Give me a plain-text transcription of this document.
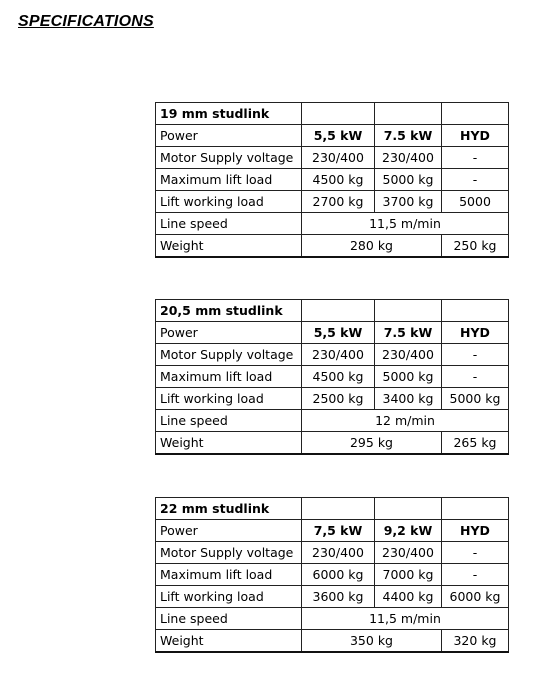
SPECIFICATIONS
19 mm studlink			
Power	5,5 kW	7.5 kW	HYD
Motor Supply voltage	230/400	230/400	-
Maximum lift load	4500 kg	5000 kg	-
Lift working load	2700 kg	3700 kg	5000
Line speed	11,5 m/min		
Weight	280 kg		250 kg
20,5 mm studlink			
Power	5,5 kW	7.5 kW	HYD
Motor Supply voltage	230/400	230/400	-
Maximum lift load	4500 kg	5000 kg	-
Lift working load	2500 kg	3400 kg	5000 kg
Line speed	12 m/min		
Weight	295 kg		265 kg
22 mm studlink			
Power	7,5 kW	9,2 kW	HYD
Motor Supply voltage	230/400	230/400	-
Maximum lift load	6000 kg	7000 kg	-
Lift working load	3600 kg	4400 kg	6000 kg
Line speed	11,5 m/min		
Weight	350 kg		320 kg
